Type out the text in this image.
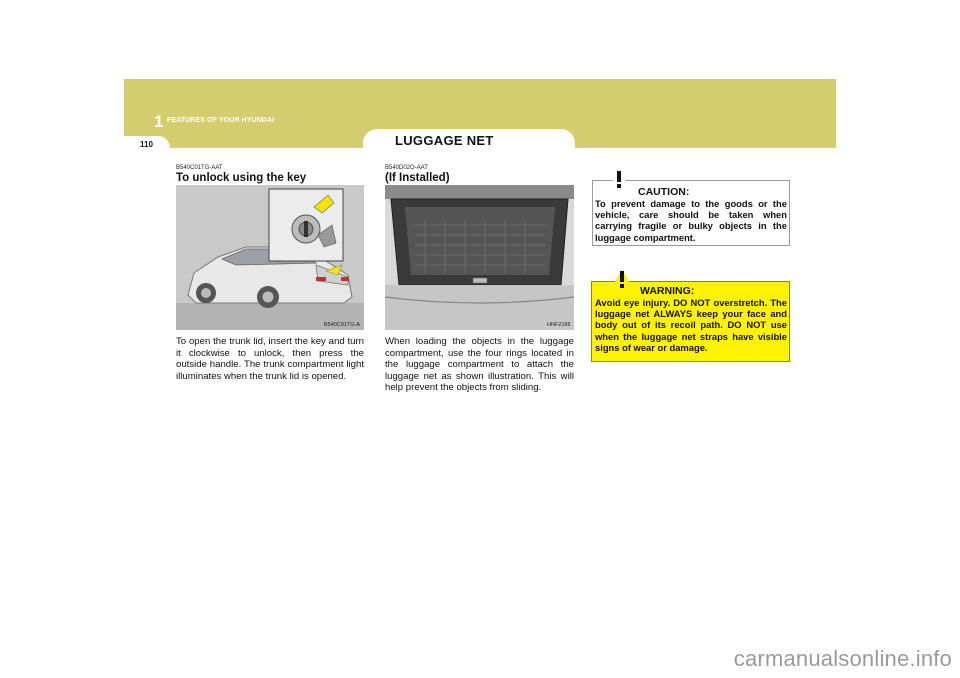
1 FEATURES OF YOUR HYUNDAI
110	LUGGAGE NET
B540C01TG-AAT
To unlock using the key
B540C01TG-A
To open the trunk lid, insert the key and turn it clockwise to unlock, then press the outside handle. The trunk compartment light illuminates when the trunk lid is opened.
B540D02O-AAT
(If Installed)
HNF2186
When loading the objects in the luggage compartment, use the four rings located in the luggage compartment to attach the luggage net as shown illustration. This will help prevent the objects from sliding.
CAUTION:
To prevent damage to the goods or the vehicle, care should be taken when carrying fragile or bulky objects in the luggage compartment.
WARNING:
Avoid eye injury. DO NOT overstretch. The luggage net ALWAYS keep your face and body out of its recoil path. DO NOT use when the luggage net straps have visible signs of wear or damage.
carmanualsonline.info
